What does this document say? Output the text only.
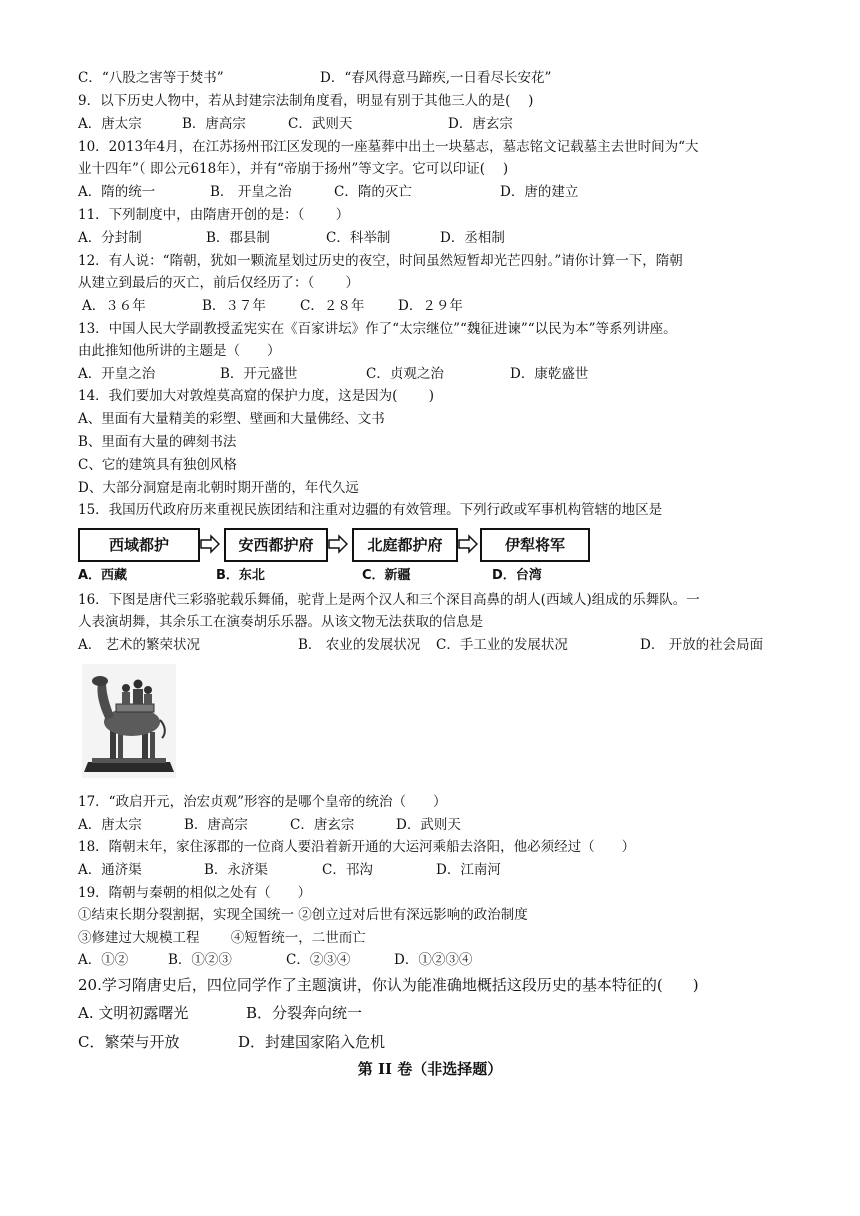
C．“八股之害等于焚书”	D．“春风得意马蹄疾,一日看尽长安花”
9．以下历史人物中，若从封建宗法制角度看，明显有别于其他三人的是(　 )
A．唐太宗	B．唐高宗	C．武则天	D．唐玄宗
10．2013年4月，在江苏扬州邗江区发现的一座墓葬中出土一块墓志，墓志铭文记载墓主去世时间为“大
业十四年”（ 即公元618年），并有“帝崩于扬州”等文字。它可以印证(　 )
A．隋的统一	B． 开皇之治	C．隋的灭亡	D．唐的建立
11．下列制度中，由隋唐开创的是：（　　 ）
A．分封制	B．郡县制	C．科举制	D．丞相制
12．有人说：“隋朝，犹如一颗流星划过历史的夜空，时间虽然短暂却光芒四射。”请你计算一下，隋朝
从建立到最后的灭亡，前后仅经历了：（　　 ）
A．３６年	B．３７年	C．２８年 D．２９年
13．中国人民大学副教授孟宪实在《百家讲坛》作了“太宗继位”“魏征进谏”“以民为本”等系列讲座。
由此推知他所讲的主题是（　　）
A．开皇之治	B．开元盛世	C．贞观之治	D．康乾盛世
14．我们要加大对敦煌莫高窟的保护力度，这是因为(　　 )
A、里面有大量精美的彩塑、壁画和大量佛经、文书
B、里面有大量的碑刻书法
C、它的建筑具有独创风格
D、大部分洞窟是南北朝时期开凿的，年代久远
15．我国历代政府历来重视民族团结和注重对边疆的有效管理。下列行政或军事机构管辖的地区是
西域都护	安西都护府	北庭都护府	伊犁将军
A．西藏	B．东北	C．新疆	D．台湾
16．下图是唐代三彩骆驼载乐舞俑，驼背上是两个汉人和三个深目高鼻的胡人(西域人)组成的乐舞队。一
人表演胡舞，其余乐工在演奏胡乐乐器。从该文物无法获取的信息是
A． 艺术的繁荣状况	B． 农业的发展状况 C．手工业的发展状况	D． 开放的社会局面
17．“政启开元，治宏贞观”形容的是哪个皇帝的统治（　　）
A．唐太宗	B．唐高宗	C．唐玄宗	D．武则天
18．隋朝末年，家住涿郡的一位商人要沿着新开通的大运河乘船去洛阳，他必须经过（　　）
A．通济渠	B．永济渠	C．邗沟	D．江南河
19．隋朝与秦朝的相似之处有（　　）
①结束长期分裂割据，实现全国统一 ②创立过对后世有深远影响的政治制度
③修建过大规模工程　　 ④短暂统一，二世而亡
A．①②	B．①②③	C．②③④	D．①②③④
20.学习隋唐史后，四位同学作了主题演讲，你认为能准确地概括这段历史的基本特征的(　　)
A. 文明初露曙光	B．分裂奔向统一
C．繁荣与开放	D．封建国家陷入危机
第 II 卷（非选择题）
